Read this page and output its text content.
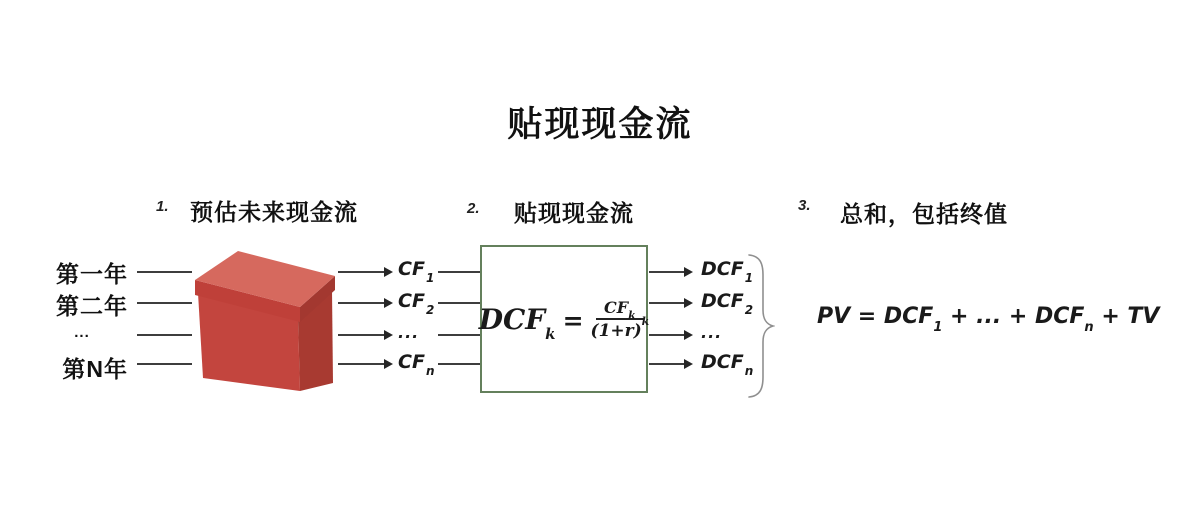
贴现现金流
1. 预估未来现金流	2. 贴现现金流	3. 总和，包括终值
第一年
第二年
...
第N年
$CF_1$
$CF_2$
...
$CF_n$
$DCF_k = \frac{CF_k}{(1+r)^k}$
$DCF_1$
$DCF_2$
...
$DCF_n$
PV = $DCF_1$ + ... + $DCF_n$ + TV
